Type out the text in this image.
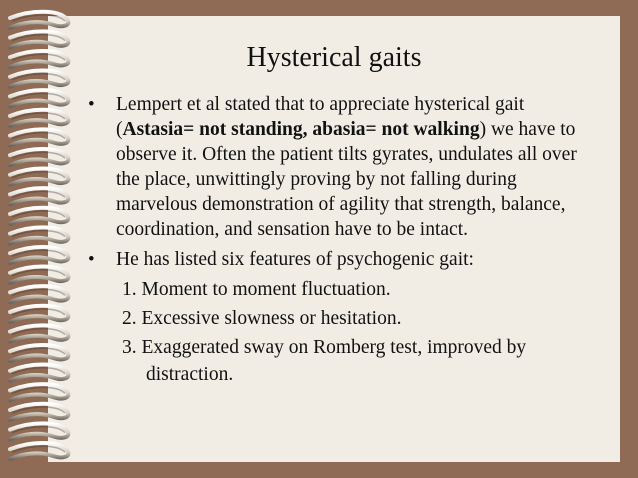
Hysterical gaits
• Lempert et al stated that to appreciate hysterical gait (Astasia= not standing, abasia= not walking) we have to observe it. Often the patient tilts gyrates, undulates all over the place, unwittingly proving by not falling during marvelous demonstration of agility that strength, balance, coordination, and sensation have to be intact.
• He has listed six features of psychogenic gait:
1. Moment to moment fluctuation.
2. Excessive slowness or hesitation.
3. Exaggerated sway on Romberg test, improved by
distraction.
